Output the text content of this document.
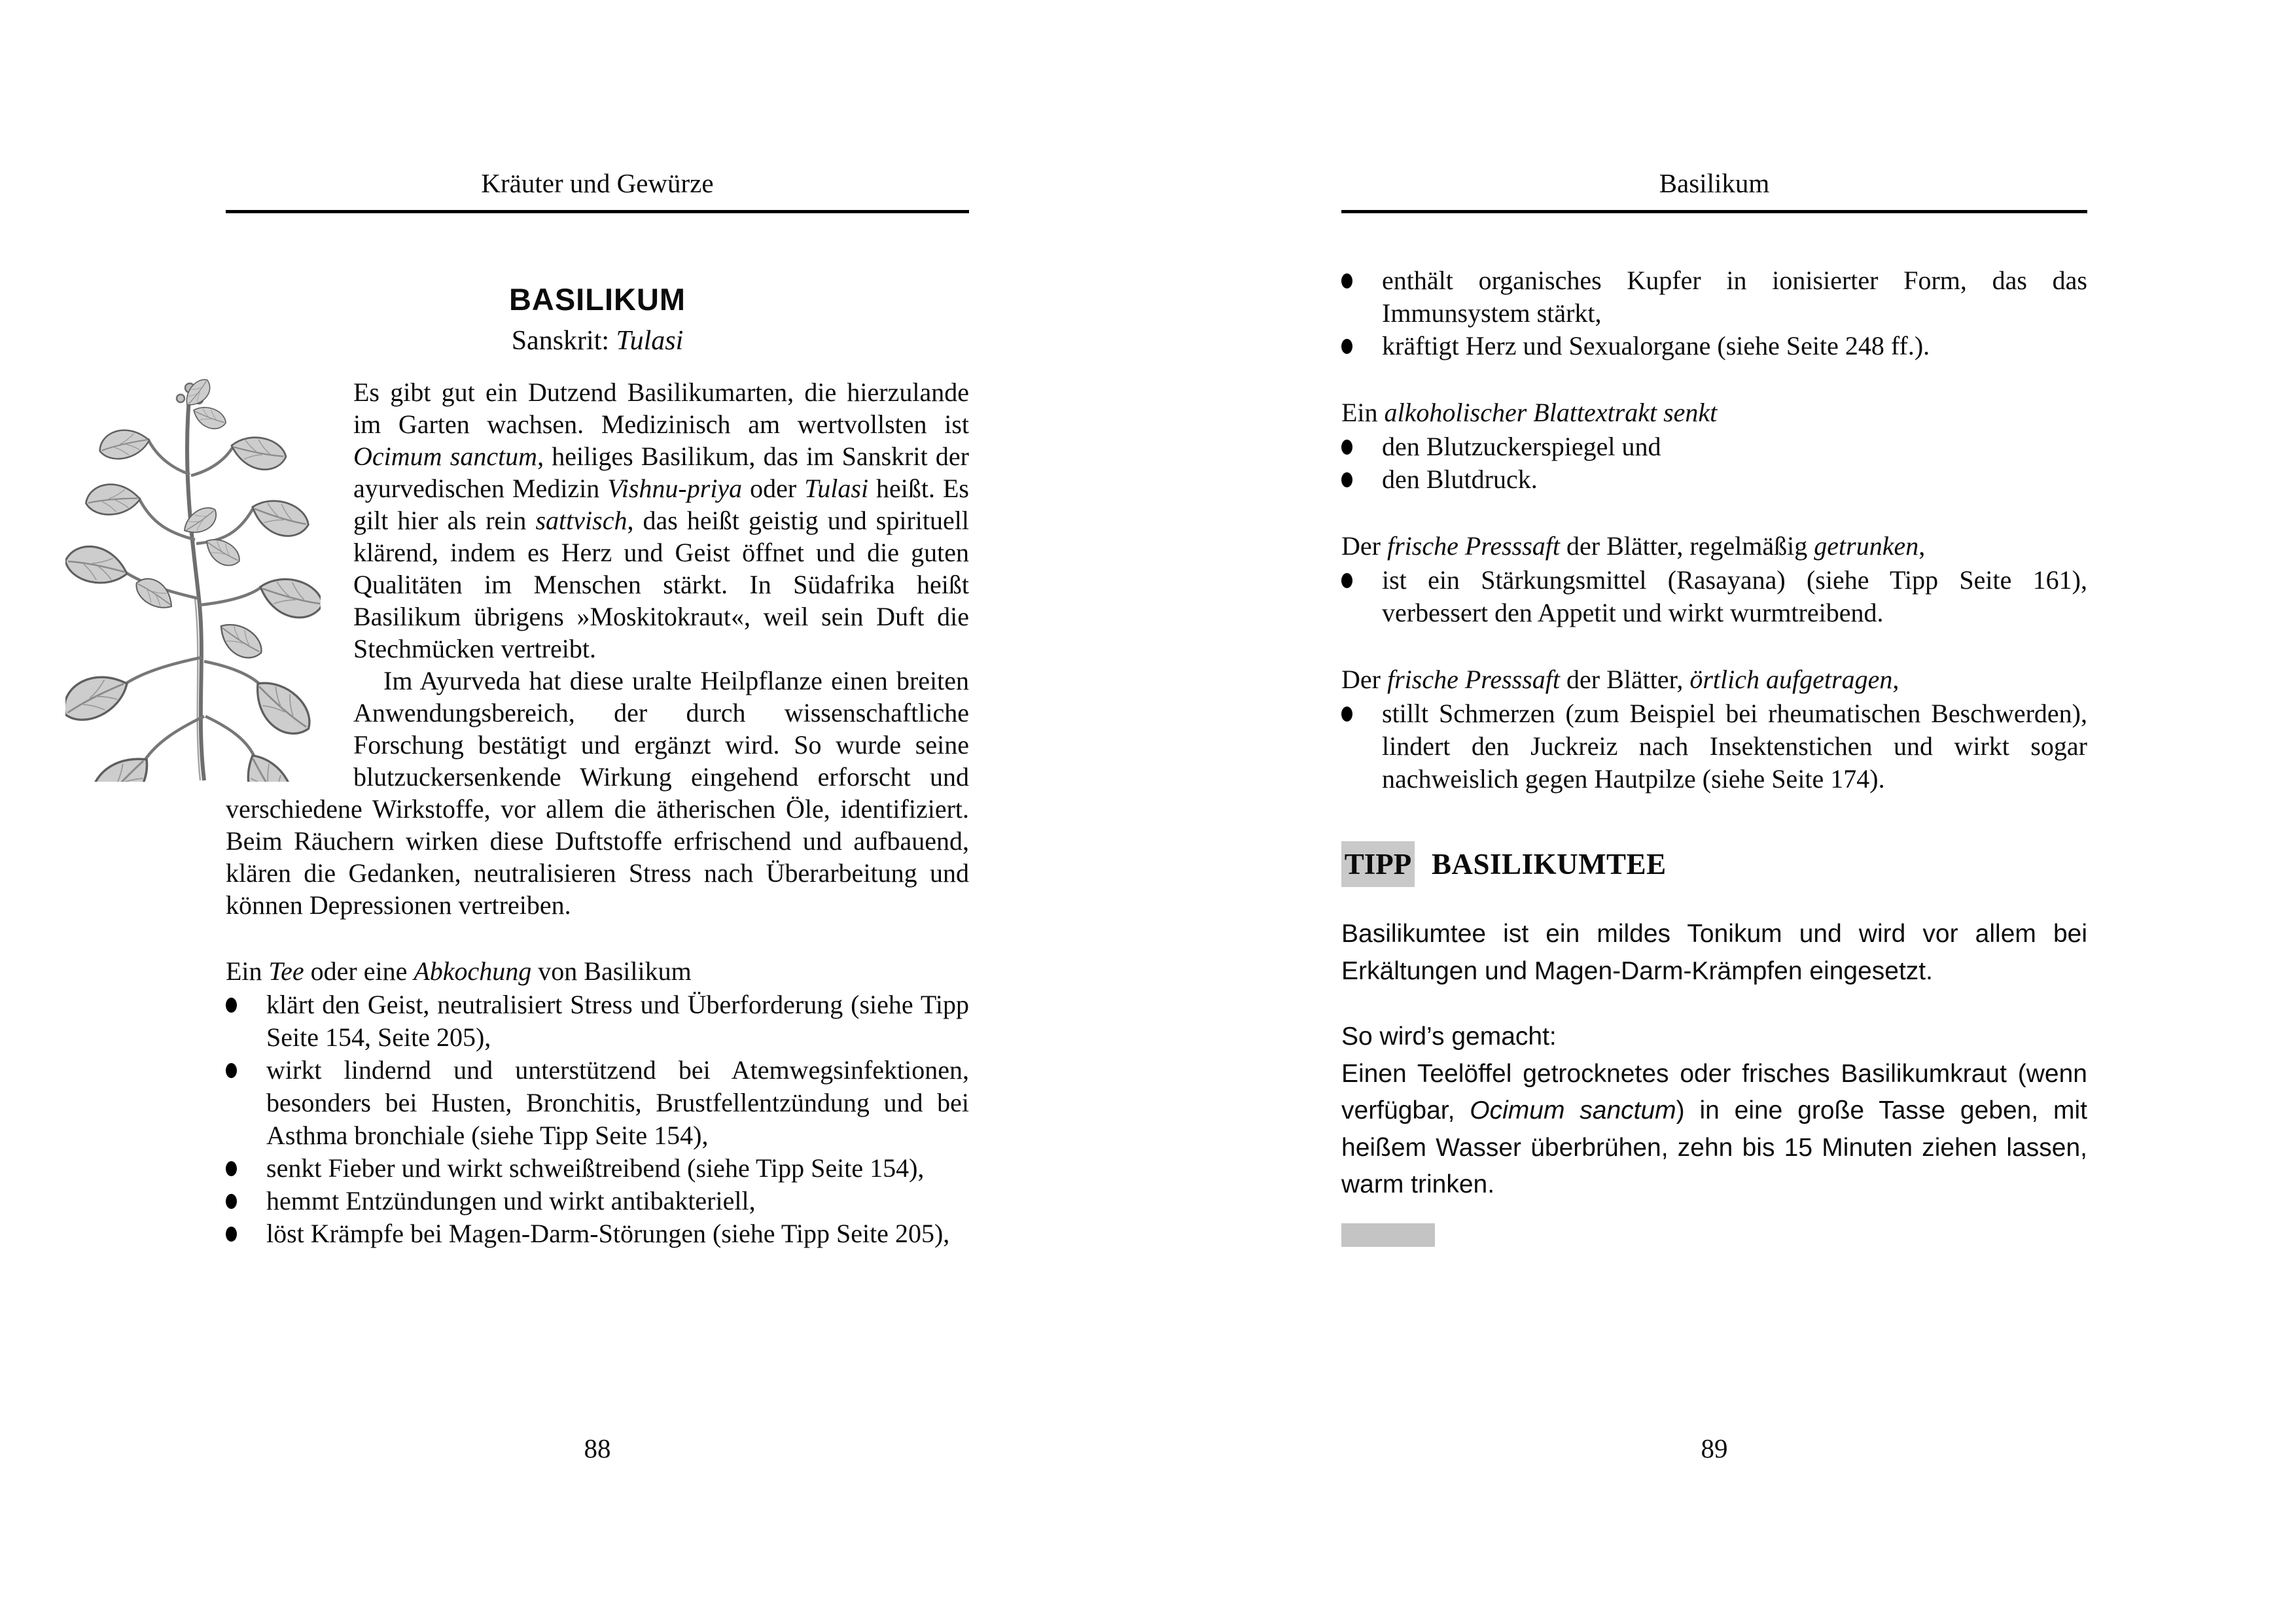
Kräuter und Gewürze
BASILIKUM
Sanskrit: Tulasi

Es gibt gut ein Dutzend Basilikumarten, die hierzulande im Garten wachsen. Medizinisch am wertvollsten ist Ocimum sanctum, heiliges Basilikum, das im Sanskrit der ayurvedischen Medizin Vishnu-priya oder Tulasi heißt. Es gilt hier als rein sattvisch, das heißt geistig und spirituell klärend, indem es Herz und Geist öffnet und die guten Qualitäten im Menschen stärkt. In Südafrika heißt Basilikum übrigens »Moskitokraut«, weil sein Duft die Stechmücken vertreibt.

Im Ayurveda hat diese uralte Heilpflanze einen breiten Anwendungsbereich, der durch wissenschaftliche Forschung bestätigt und ergänzt wird. So wurde seine blutzuckersenkende Wirkung eingehend erforscht und verschiedene Wirkstoffe, vor allem die ätherischen Öle, identifiziert. Beim Räuchern wirken diese Duftstoffe erfrischend und aufbauend, klären die Gedanken, neutralisieren Stress nach Überarbeitung und können Depressionen vertreiben.

Ein Tee oder eine Abkochung von Basilikum
klärt den Geist, neutralisiert Stress und Überforderung (siehe Tipp Seite 154, Seite 205),
wirkt lindernd und unterstützend bei Atemwegsinfektionen, besonders bei Husten, Bronchitis, Brustfellentzündung und bei Asthma bronchiale (siehe Tipp Seite 154),
senkt Fieber und wirkt schweißtreibend (siehe Tipp Seite 154),
hemmt Entzündungen und wirkt antibakteriell,
löst Krämpfe bei Magen-Darm-Störungen (siehe Tipp Seite 205),
88
Basilikum
enthält organisches Kupfer in ionisierter Form, das das Immunsystem stärkt,
kräftigt Herz und Sexualorgane (siehe Seite 248 ff.).
Ein alkoholischer Blattextrakt senkt
den Blutzuckerspiegel und
den Blutdruck.
Der frische Presssaft der Blätter, regelmäßig getrunken,
ist ein Stärkungsmittel (Rasayana) (siehe Tipp Seite 161), verbessert den Appetit und wirkt wurmtreibend.
Der frische Presssaft der Blätter, örtlich aufgetragen,
stillt Schmerzen (zum Beispiel bei rheumatischen Beschwerden), lindert den Juckreiz nach Insektenstichen und wirkt sogar nachweislich gegen Hautpilze (siehe Seite 174).
TIPP BASILIKUMTEE
Basilikumtee ist ein mildes Tonikum und wird vor allem bei Erkältungen und Magen-Darm-Krämpfen eingesetzt.
So wird’s gemacht:
Einen Teelöffel getrocknetes oder frisches Basilikumkraut (wenn verfügbar, Ocimum sanctum) in eine große Tasse geben, mit heißem Wasser überbrühen, zehn bis 15 Minuten ziehen lassen, warm trinken.
89
